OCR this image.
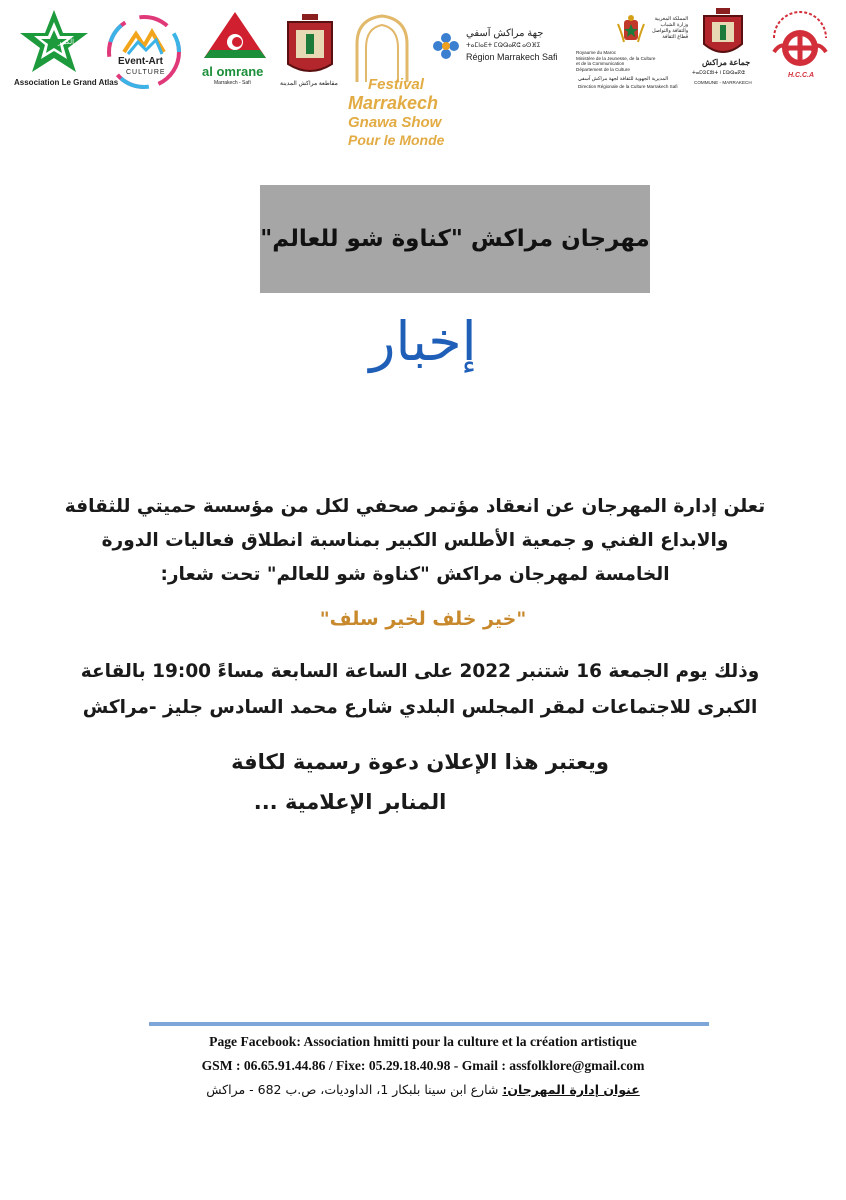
الأطلس الكبير
Association Le Grand Atlas
Event-Art
CULTURE	al omrane
Marrakech - Safi	مقاطعة مراكش المدينة Festival
Marrakech
Gnawa Show
Pour le Monde
جهة مراكش آسفي
ⵜⴰⵎⵏⴰⴹⵜ ⵎⵕⵕⴰⴽⵛ ⴰⵙⴼⵉ
Région Marrakech Safi	Royaume du Maroc
Ministère de la Jeunesse, de la Culture
et de la Communication
Département de la Culture
المملكة المغربية
وزارة الشباب
والثقافة والتواصل
قطاع الثقافة
المديرية الجهوية للثقافة لجهة مراكش آسفي
Direction Régionale de la Culture Marrakech Safi
جماعة مراكش
ⵜⴰⵎⵙⵎⵓⵏⵜ ⵏ ⵎⵕⵕⴰⴽⵛ
COMMUNE - MARRAKECH
H.C.C.A
مهرجان مراكش "كناوة شو للعالم"
إخبار
تعلن إدارة المهرجان عن انعقاد مؤتمر صحفي لكل من مؤسسة حميتي للثقافة
والابداع الفني و جمعية الأطلس الكبير بمناسبة انطلاق فعاليات الدورة
الخامسة لمهرجان مراكش "كناوة شو للعالم" تحت شعار:
"خير خلف لخير سلف"
وذلك يوم الجمعة 16 شتنبر 2022 على الساعة السابعة مساءً 19:00 بالقاعة
الكبرى للاجتماعات لمقر المجلس البلدي شارع محمد السادس جليز -مراكش
ويعتبر هذا الإعلان دعوة رسمية لكافة
المنابر الإعلامية ...
Page Facebook: Association hmitti pour la culture et la création artistique
GSM : 06.65.91.44.86 / Fixe: 05.29.18.40.98 - Gmail : assfolklore@gmail.com
عنوان إدارة المهرجان: شارع ابن سينا بلبكار 1، الداوديات، ص.ب 682 - مراكش
